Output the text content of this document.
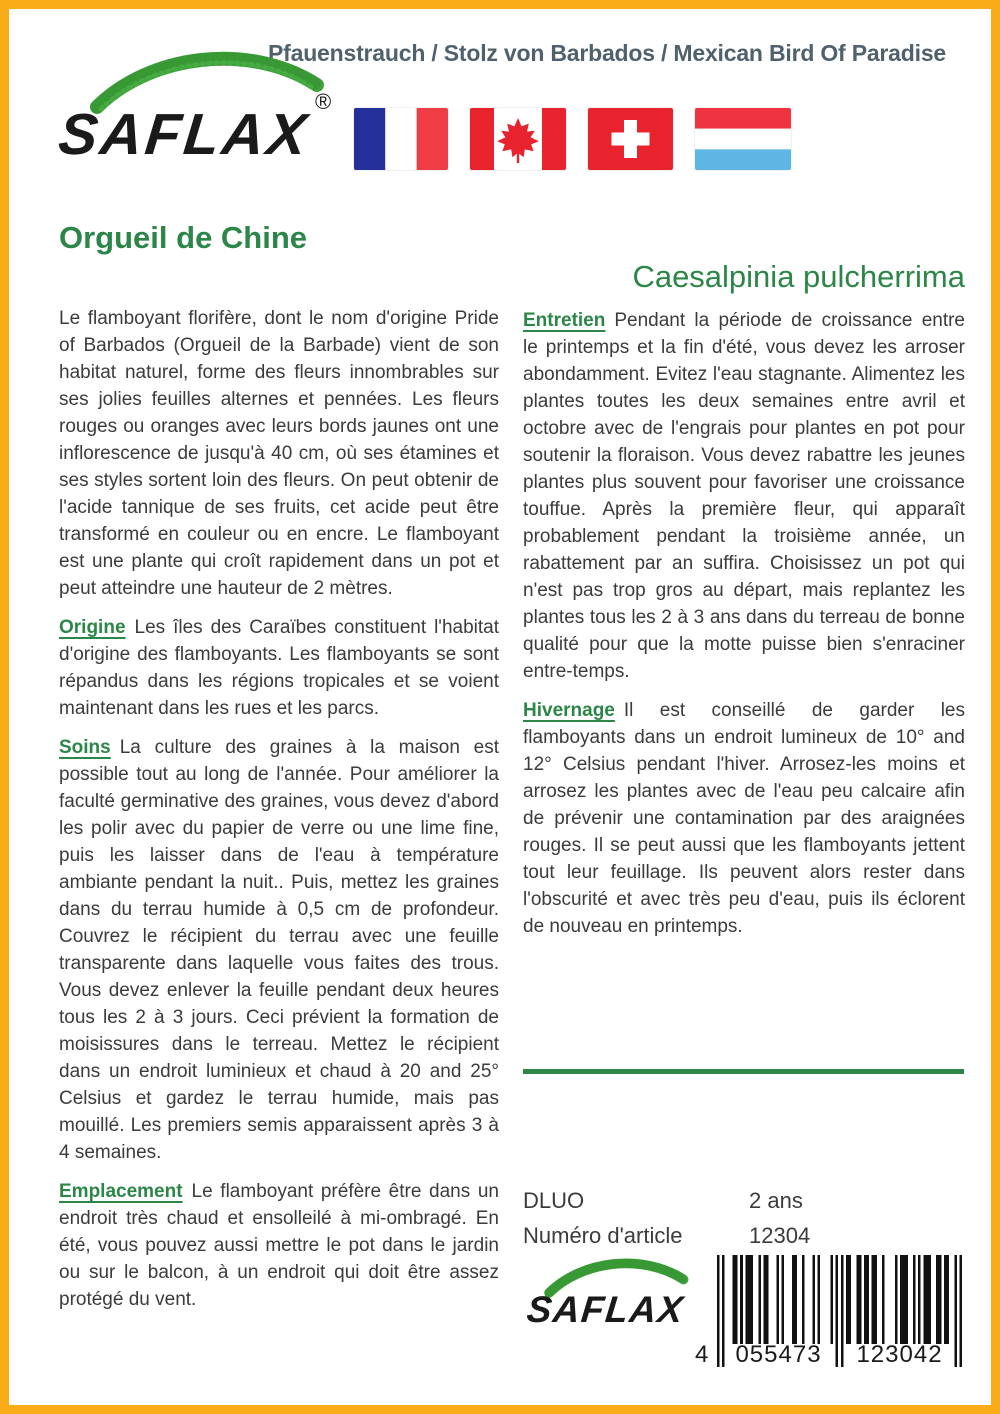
Pfauenstrauch / Stolz von Barbados / Mexican Bird Of Paradise
®
SAFLAX
Orgueil de Chine

Le flamboyant florifère, dont le nom d'origine Pride of Barbados (Orgueil de la Barbade) vient de son habitat naturel, forme des fleurs innombrables sur ses jolies feuilles alternes et pennées. Les fleurs rouges ou oranges avec leurs bords jaunes ont une inflorescence de jusqu'à 40 cm, où ses étamines et ses styles sortent loin des fleurs. On peut obtenir de l'acide tannique de ses fruits, cet acide peut être transformé en couleur ou en encre. Le flamboyant est une plante qui croît rapidement dans un pot et peut atteindre une hauteur de 2 mètres.

Origine Les îles des Caraïbes constituent l'habitat d'origine des flamboyants. Les flamboyants se sont répandus dans les régions tropicales et se voient maintenant dans les rues et les parcs.

Soins La culture des graines à la maison est possible tout au long de l'année. Pour améliorer la faculté germinative des graines, vous devez d'abord les polir avec du papier de verre ou une lime fine, puis les laisser dans de l'eau à température ambiante pendant la nuit.. Puis, mettez les graines dans du terrau humide à 0,5 cm de profondeur. Couvrez le récipient du terrau avec une feuille transparente dans laquelle vous faites des trous. Vous devez enlever la feuille pendant deux heures tous les 2 à 3 jours. Ceci prévient la formation de moisissures dans le terreau. Mettez le récipient dans un endroit luminieux et chaud à 20 and 25° Celsius et gardez le terrau humide, mais pas mouillé. Les premiers semis apparaissent après 3 à 4 semaines.

Emplacement Le flamboyant préfère être dans un endroit très chaud et ensolleilé à mi-ombragé. En été, vous pouvez aussi mettre le pot dans le jardin ou sur le balcon, à un endroit qui doit être assez protégé du vent.

Caesalpinia pulcherrima

Entretien Pendant la période de croissance entre le printemps et la fin d'été, vous devez les arroser abondamment. Evitez l'eau stagnante. Alimentez les plantes toutes les deux semaines entre avril et octobre avec de l'engrais pour plantes en pot pour soutenir la floraison. Vous devez rabattre les jeunes plantes plus souvent pour favoriser une croissance touffue. Après la première fleur, qui apparaît probablement pendant la troisième année, un rabattement par an suffira. Choisissez un pot qui n'est pas trop gros au départ, mais replantez les plantes tous les 2 à 3 ans dans du terreau de bonne qualité pour que la motte puisse bien s'enraciner entre-temps.

Hivernage Il est conseillé de garder les flamboyants dans un endroit lumineux de 10° and 12° Celsius pendant l'hiver. Arrosez-les moins et arrosez les plantes avec de l'eau peu calcaire afin de prévenir une contamination par des araignées rouges. Il se peut aussi que les flamboyants jettent tout leur feuillage. Ils peuvent alors rester dans l'obscurité et avec très peu d'eau, puis ils éclorent de nouveau en printemps.

DLUO	2 ans
Numéro d'article	12304
SAFLAX
4	055473	123042
